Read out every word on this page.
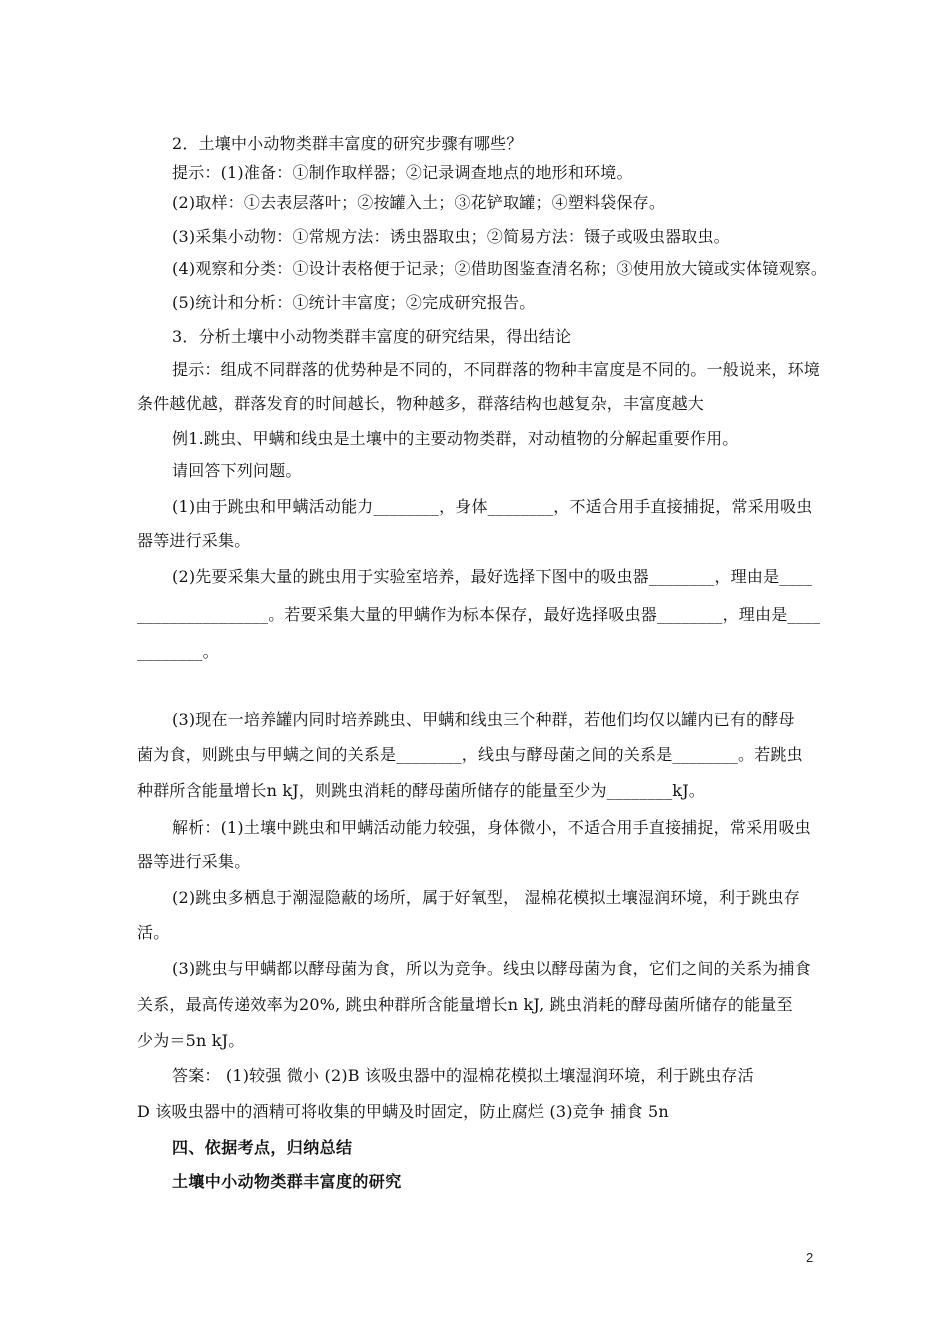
2．土壤中小动物类群丰富度的研究步骤有哪些？
提示：(1)准备：①制作取样器；②记录调查地点的地形和环境。
(2)取样：①去表层落叶；②按罐入土；③花铲取罐；④塑料袋保存。
(3)采集小动物：①常规方法：诱虫器取虫；②简易方法：镊子或吸虫器取虫。
(4)观察和分类：①设计表格便于记录；②借助图鉴查清名称；③使用放大镜或实体镜观察。
(5)统计和分析：①统计丰富度；②完成研究报告。
3．分析土壤中小动物类群丰富度的研究结果，得出结论
提示：组成不同群落的优势种是不同的，不同群落的物种丰富度是不同的。一般说来，环境
条件越优越，群落发育的时间越长，物种越多，群落结构也越复杂，丰富度越大
例1.跳虫、甲螨和线虫是土壤中的主要动物类群，对动植物的分解起重要作用。
请回答下列问题。
(1)由于跳虫和甲螨活动能力________，身体________，不适合用手直接捕捉，常采用吸虫
器等进行采集。
(2)先要采集大量的跳虫用于实验室培养，最好选择下图中的吸虫器________，理由是____
________________。若要采集大量的甲螨作为标本保存，最好选择吸虫器________，理由是____
________。
(3)现在一培养罐内同时培养跳虫、甲螨和线虫三个种群，若他们均仅以罐内已有的酵母
菌为食，则跳虫与甲螨之间的关系是________，线虫与酵母菌之间的关系是________。若跳虫
种群所含能量增长n kJ，则跳虫消耗的酵母菌所储存的能量至少为________kJ。
解析：(1)土壤中跳虫和甲螨活动能力较强，身体微小，不适合用手直接捕捉，常采用吸虫
器等进行采集。
(2)跳虫多栖息于潮湿隐蔽的场所，属于好氧型， 湿棉花模拟土壤湿润环境，利于跳虫存
活。
(3)跳虫与甲螨都以酵母菌为食，所以为竞争。线虫以酵母菌为食，它们之间的关系为捕食
关系，最高传递效率为20%, 跳虫种群所含能量增长n kJ, 跳虫消耗的酵母菌所储存的能量至
少为＝5n kJ。
答案： (1)较强 微小 (2)B 该吸虫器中的湿棉花模拟土壤湿润环境，利于跳虫存活
D 该吸虫器中的酒精可将收集的甲螨及时固定，防止腐烂 (3)竞争 捕食 5n
四、依据考点，归纳总结
土壤中小动物类群丰富度的研究
2
